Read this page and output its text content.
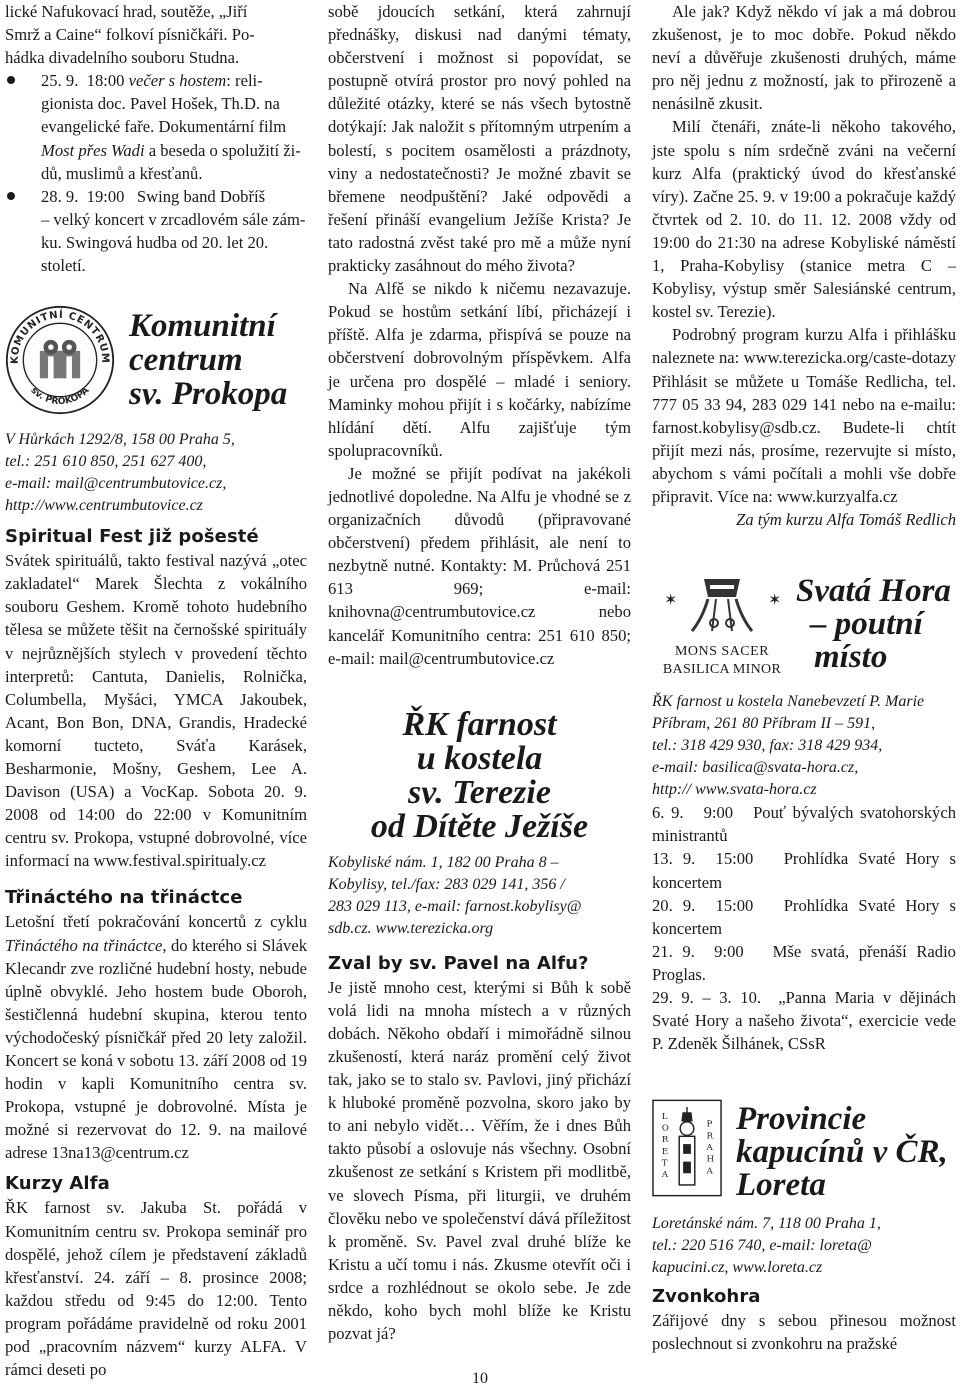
lické Nafukovací hrad, soutěže, „Jiří

Smrž a Caine“ folkoví písničkáři. Po-

hádka divadelního souboru Studna.

25. 9. 18:00 večer s hostem: reli-

gionista doc. Pavel Hošek, Th.D. na

evangelické faře. Dokumentární film

Most přes Wadi a beseda o spolužití ži-

dů, muslimů a křesťanů.

28. 9. 19:00 Swing band Dobříš

– velký koncert v zrcadlovém sále zám-

ku. Swingová hudba od 20. let 20. století.

KOMUNITNÍ CENTRUM
sv. PROKOPA
Komunitní
centrum
sv. Prokopa
V Hůrkách 1292/8, 158 00 Praha 5,
tel.: 251 610 850, 251 627 400,
e-mail: mail@centrumbutovice.cz,
http://www.centrumbutovice.cz
Spiritual Fest již pošesté

Svátek spirituálů, takto festival nazývá „otec zakladatel“ Marek Šlechta z vokálního souboru Geshem. Kromě tohoto hudebního tělesa se můžete těšit na černošské spirituály v nejrůznějších stylech v provedení těchto interpretů: Cantuta, Danielis, Rolnička, Columbella, Myšáci, YMCA Jakoubek, Acant, Bon Bon, DNA, Grandis, Hradecké komorní tucteto, Sváťa Karásek, Besharmonie, Mošny, Geshem, Lee A. Davison (USA) a VocKap. Sobota 20. 9. 2008 od 14:00 do 22:00 v Komunitním centru sv. Prokopa, vstupné dobrovolné, více informací na www.festival.spiritualy.cz

Třináctého na třináctce

Letošní třetí pokračování koncertů z cyklu Třináctého na třináctce, do kterého si Slávek Klecandr zve rozličné hudební hosty, nebude úplně obvyklé. Jeho hostem bude Oboroh, šestičlenná hudební skupina, kterou tento východočeský písničkář před 20 lety založil. Koncert se koná v sobotu 13. září 2008 od 19 hodin v kapli Komunitního centra sv. Prokopa, vstupné je dobrovolné. Místa je možné si rezervovat do 12. 9. na mailové adrese 13na13@centrum.cz

Kurzy Alfa

ŘK farnost sv. Jakuba St. pořádá v Komunitním centru sv. Prokopa seminář pro dospělé, jehož cílem je představení základů křesťanství. 24. září – 8. prosince 2008; každou středu od 9:45 do 12:00. Tento program pořádáme pravidelně od roku 2001 pod „pracovním názvem“ kurzy ALFA. V rámci deseti po

sobě jdoucích setkání, která zahrnují přednášky, diskusi nad danými tématy, občerstvení i možnost si popovídat, se postupně otvírá prostor pro nový pohled na důležité otázky, které se nás všech bytostně dotýkají: Jak naložit s přítomným utrpením a bolestí, s pocitem osamělosti a prázdnoty, viny a nedostatečnosti? Je možné zbavit se břemene neodpuštění? Jaké odpovědi a řešení přináší evangelium Ježíše Krista? Je tato radostná zvěst také pro mě a může nyní prakticky zasáhnout do mého života?

Na Alfě se nikdo k ničemu nezavazuje. Pokud se hostům setkání líbí, přicházejí i příště. Alfa je zdarma, přispívá se pouze na občerstvení dobrovolným příspěvkem. Alfa je určena pro dospělé – mladé i seniory. Maminky mohou přijít i s kočárky, nabízíme hlídání dětí. Alfu zajišťuje tým spolupracovníků.

Je možné se přijít podívat na jakékoli jednotlivé dopoledne. Na Alfu je vhodné se z organizačních důvodů (připravované občerstvení) předem přihlásit, ale není to nezbytně nutné. Kontakty: M. Průchová 251 613 969; e-mail: knihovna@centrumbutovice.cz nebo kancelář Komunitního centra: 251 610 850; e-mail: mail@centrumbutovice.cz

ŘK farnost
u kostela
sv. Terezie
od Dítěte Ježíše
Kobyliské nám. 1, 182 00 Praha 8 –
Kobylisy, tel./fax: 283 029 141, 356 /
283 029 113, e-mail: farnost.kobylisy@
sdb.cz. www.terezicka.org
Zval by sv. Pavel na Alfu?

Je jistě mnoho cest, kterými si Bůh k sobě volá lidi na mnoha místech a v různých dobách. Někoho obdaří i mimořádně silnou zkušeností, která naráz promění celý život tak, jako se to stalo sv. Pavlovi, jiný přichází k hluboké proměně pozvolna, skoro jako by to ani nebylo vidět… Věřím, že i dnes Bůh takto působí a oslovuje nás všechny. Osobní zkušenost ze setkání s Kristem při modlitbě, ve slovech Písma, při liturgii, ve druhém člověku nebo ve společenství dává příležitost k proměně. Sv. Pavel zval druhé blíže ke Kristu a učí tomu i nás. Zkusme otevřít oči i srdce a rozhlédnout se okolo sebe. Je zde někdo, koho bych mohl blíže ke Kristu pozvat já?

Ale jak? Když někdo ví jak a má dobrou zkušenost, je to moc dobře. Pokud někdo neví a důvěřuje zkušenosti druhých, máme pro něj jednu z možností, jak to přirozeně a nenásilně zkusit.

Milí čtenáři, znáte-li někoho takového, jste spolu s ním srdečně zváni na večerní kurz Alfa (praktický úvod do křesťanské víry). Začne 25. 9. v 19:00 a pokračuje každý čtvrtek od 2. 10. do 11. 12. 2008 vždy od 19:00 do 21:30 na adrese Kobyliské náměstí 1, Praha-Kobylisy (stanice metra C – Kobylisy, výstup směr Salesiánské centrum, kostel sv. Terezie).

Podrobný program kurzu Alfa i přihlášku naleznete na: www.terezicka.org/caste-dotazy Přihlásit se můžete u Tomáše Redlicha, tel. 777 05 33 94, 283 029 141 nebo na e-mailu: farnost.kobylisy@sdb.cz. Budete-li chtít přijít mezi nás, prosíme, rezervujte si místo, abychom s vámi počítali a mohli vše dobře připravit. Více na: www.kurzyalfa.cz

Za tým kurzu Alfa Tomáš Redlich

✶	✶
MONS SACER
BASILICA MINOR
Svatá Hora
– poutní
místo
ŘK farnost u kostela Nanebevzetí P. Marie
Příbram, 261 80 Příbram II – 591,
tel.: 318 429 930, fax: 318 429 934,
e-mail: basilica@svata-hora.cz,
http:// www.svata-hora.cz

6. 9. 9:00 Pouť bývalých svatohorských ministrantů

13. 9. 15:00 Prohlídka Svaté Hory s koncertem

20. 9. 15:00 Prohlídka Svaté Hory s koncertem

21. 9. 9:00 Mše svatá, přenáší Radio Proglas.

29. 9. – 3. 10. „Panna Maria v dějinách Svaté Hory a našeho života“, exercicie vede P. Zdeněk Šilhánek, CSsR

L O R E T A
P R A H A
Provincie
kapucínů v ČR,
Loreta
Loretánské nám. 7, 118 00 Praha 1,
tel.: 220 516 740, e-mail: loreta@
kapucini.cz, www.loreta.cz
Zvonkohra

Zářijové dny s sebou přinesou možnost poslechnout si zvonkohru na pražské

10
